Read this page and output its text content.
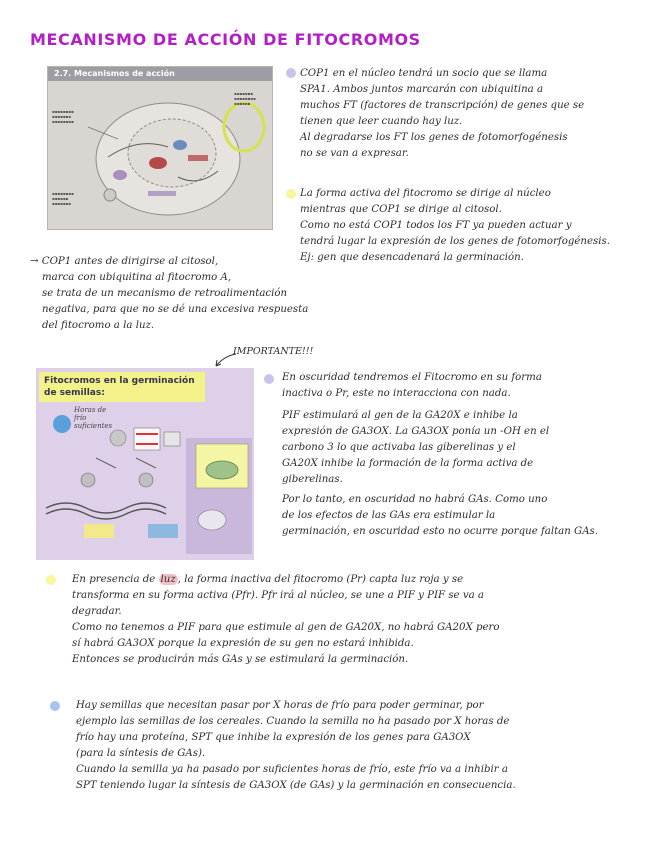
MECANISMO DE ACCIÓN DE FITOCROMOS
2.7. Mecanismos de acción
▪▪▪▪▪▪▪▪
▪▪▪▪▪▪▪
▪▪▪▪▪▪▪▪
▪▪▪▪▪▪▪
▪▪▪▪▪▪▪▪
▪▪▪▪▪▪
▪▪▪▪▪▪▪▪
▪▪▪▪▪▪
▪▪▪▪▪▪▪

COP1 en el núcleo tendrá un socio que se llama

SPA1. Ambos juntos marcarán con ubiquitina a

muchos FT (factores de transcripción) de genes que se

tienen que leer cuando hay luz.

Al degradarse los FT los genes de fotomorfogénesis

no se van a expresar.

La forma activa del fitocromo se dirige al núcleo

mientras que COP1 se dirige al citosol.

Como no está COP1 todos los FT ya pueden actuar y

tendrá lugar la expresión de los genes de fotomorfogénesis.

Ej: gen que desencadenará la germinación.

→ COP1 antes de dirigirse al citosol,

marca con ubiquitina al fitocromo A,

se trata de un mecanismo de retroalimentación

negativa, para que no se dé una excesiva respuesta

del fitocromo a la luz.

IMPORTANTE!!!
Fitocromos en la germinación de semillas:
Horas de frío suficientes

En oscuridad tendremos el Fitocromo en su forma

inactiva o Pr, este no interacciona con nada.

PIF estimulará al gen de la GA20X e inhibe la

expresión de GA3OX. La GA3OX ponía un -OH en el

carbono 3 lo que activaba las giberelinas y el

GA20X inhibe la formación de la forma activa de

giberelinas.

Por lo tanto, en oscuridad no habrá GAs. Como uno

de los efectos de las GAs era estimular la

germinación, en oscuridad esto no ocurre porque faltan GAs.

En presencia de luz , la forma inactiva del fitocromo (Pr) capta luz roja y se

transforma en su forma activa (Pfr). Pfr irá al núcleo, se une a PIF y PIF se va a

degradar.

Como no tenemos a PIF para que estimule al gen de GA20X, no habrá GA20X pero

sí habrá GA3OX porque la expresión de su gen no estará inhibida.

Entonces se producirán más GAs y se estimulará la germinación.

Hay semillas que necesitan pasar por X horas de frío para poder germinar, por

ejemplo las semillas de los cereales. Cuando la semilla no ha pasado por X horas de

frío hay una proteína, SPT que inhibe la expresión de los genes para GA3OX

(para la síntesis de GAs).

Cuando la semilla ya ha pasado por suficientes horas de frío, este frío va a inhibir a

SPT teniendo lugar la síntesis de GA3OX (de GAs) y la germinación en consecuencia.
